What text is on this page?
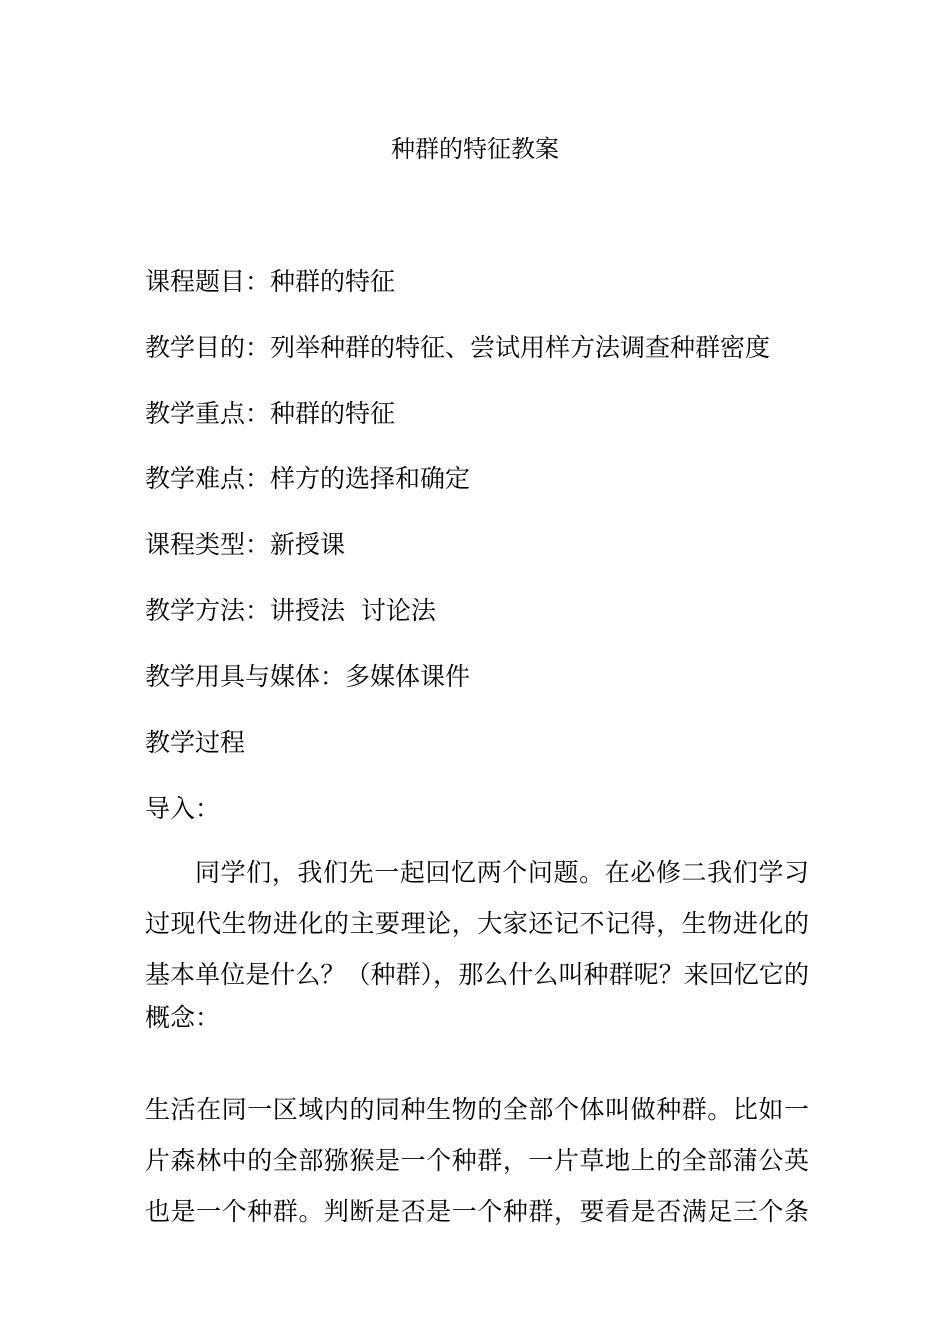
种群的特征教案
课程题目：种群的特征
教学目的：列举种群的特征、尝试用样方法调查种群密度
教学重点：种群的特征
教学难点：样方的选择和确定
课程类型：新授课
教学方法：讲授法  讨论法
教学用具与媒体：多媒体课件
教学过程
导入：
同学们，我们先一起回忆两个问题。在必修二我们学习
过现代生物进化的主要理论，大家还记不记得，生物进化的
基本单位是什么？（种群），那么什么叫种群呢？来回忆它的
概念：
生活在同一区域内的同种生物的全部个体叫做种群。比如一
片森林中的全部猕猴是一个种群，一片草地上的全部蒲公英
也是一个种群。判断是否是一个种群，要看是否满足三个条
